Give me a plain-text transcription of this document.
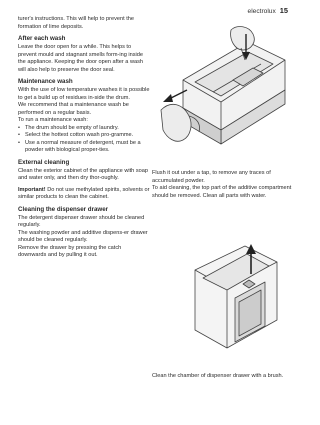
electrolux 15

turer's instructions. This will help to prevent the formation of lime deposits.

After each wash

Leave the door open for a while. This helps to prevent mould and stagnant smells form-ing inside the appliance. Keeping the door open after a wash will also help to preserve the door seal.

Maintenance wash

With the use of low temperature washes it is possible to get a build up of residues in-side the drum.

We recommend that a maintenance wash be performed on a regular basis.

To run a maintenance wash:

• The drum should be empty of laundry.
• Select the hottest cotton wash pro-gramme.
• Use a normal measure of detergent, must be a powder with biological proper-ties.
External cleaning

Clean the exterior cabinet of the appliance with soap and water only, and then dry thor-oughly.

Important! Do not use methylated spirits, solvents or similar products to clean the cabinet.

Cleaning the dispenser drawer

The detergent dispenser drawer should be cleaned regularly.

The washing powder and additive dispens-er drawer should be cleaned regularly.

Remove the drawer by pressing the catch downwards and by pulling it out.

Flush it out under a tap, to remove any traces of accumulated powder.

To aid cleaning, the top part of the additive compartment should be removed. Clean all parts with water.

Clean the chamber of dispenser drawer with a brush.
